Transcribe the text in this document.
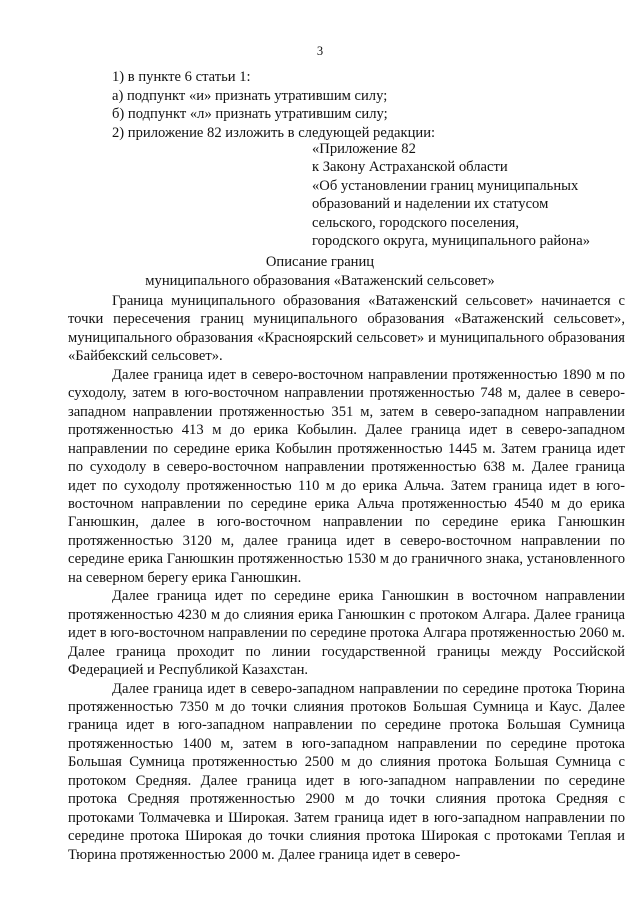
3
1) в пункте 6 статьи 1:
а) подпункт «и» признать утратившим силу;
б) подпункт «л» признать утратившим силу;
2) приложение 82 изложить в следующей редакции:
«Приложение 82
к Закону Астраханской области
«Об установлении границ муниципальных
образований и наделении их статусом
сельского, городского поселения,
городского округа, муниципального района»
Описание границ
муниципального образования «Ватаженский сельсовет»

Граница муниципального образования «Ватаженский сельсовет» начинается с точки пересечения границ муниципального образования «Ватаженский сельсовет», муниципального образования «Красноярский сельсовет» и муниципального образования «Байбекский сельсовет».

Далее граница идет в северо-восточном направлении протяженностью 1890 м по суходолу, затем в юго-восточном направлении протяженностью 748 м, далее в северо-западном направлении протяженностью 351 м, затем в северо-западном направлении протяженностью 413 м до ерика Кобылин. Далее граница идет в северо-западном направлении по середине ерика Кобылин протяженностью 1445 м. Затем граница идет по суходолу в северо-восточном направлении протяженностью 638 м. Далее граница идет по суходолу протяженностью 110 м до ерика Альча. Затем граница идет в юго-восточном направлении по середине ерика Альча протяженностью 4540 м до ерика Ганюшкин, далее в юго-восточном направлении по середине ерика Ганюшкин протяженностью 3120 м, далее граница идет в северо-восточном направлении по середине ерика Ганюшкин протяженностью 1530 м до граничного знака, установленного на северном берегу ерика Ганюшкин.

Далее граница идет по середине ерика Ганюшкин в восточном направлении протяженностью 4230 м до слияния ерика Ганюшкин с протоком Алгара. Далее граница идет в юго-восточном направлении по середине протока Алгара протяженностью 2060 м. Далее граница проходит по линии государственной границы между Российской Федерацией и Республикой Казахстан.

Далее граница идет в северо-западном направлении по середине протока Тюрина протяженностью 7350 м до точки слияния протоков Большая Сумница и Каус. Далее граница идет в юго-западном направлении по середине протока Большая Сумница протяженностью 1400 м, затем в юго-западном направлении по середине протока Большая Сумница протяженностью 2500 м до слияния протока Большая Сумница с протоком Средняя. Далее граница идет в юго-западном направлении по середине протока Средняя протяженностью 2900 м до точки слияния протока Средняя с протоками Толмачевка и Широкая. Затем граница идет в юго-западном направлении по середине протока Широкая до точки слияния протока Широкая с протоками Теплая и Тюрина протяженностью 2000 м. Далее граница идет в северо-
